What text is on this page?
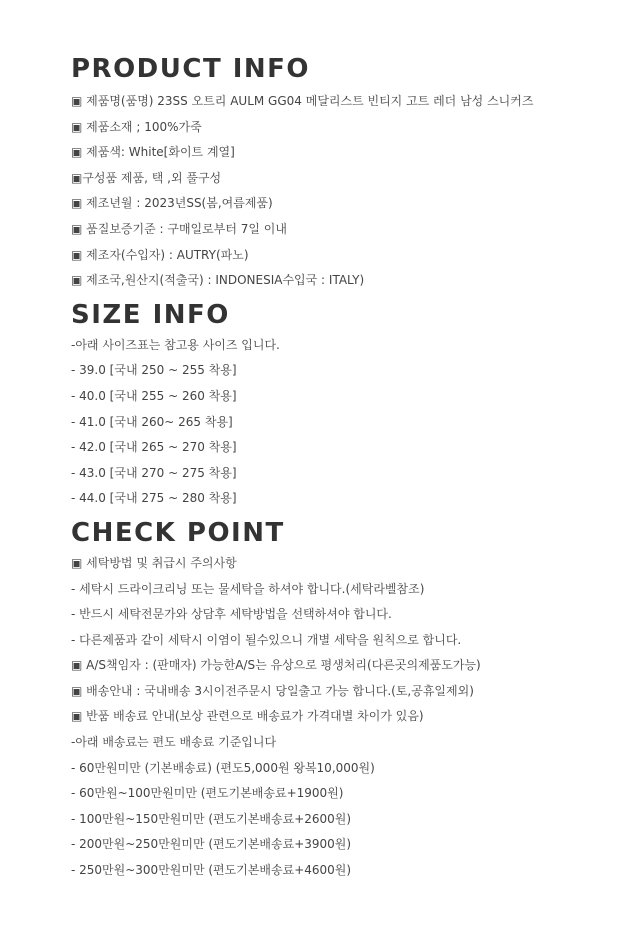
PRODUCT INFO
▣ 제품명(품명) 23SS 오트리 AULM GG04 메달리스트 빈티지 고트 레더 남성 스니커즈
▣ 제품소재 ; 100%가죽
▣ 제품색: White[화이트 계열]
▣구성품 제품, 택 ,외 풀구성
▣ 제조년월 : 2023년SS(봄,여름제품)
▣ 품질보증기준 : 구매일로부터 7일 이내
▣ 제조자(수입자) : AUTRY(파노)
▣ 제조국,원산지(적출국) : INDONESIA수입국 : ITALY)
SIZE INFO
-아래 사이즈표는 참고용 사이즈 입니다.
- 39.0 [국내 250 ~ 255 착용]
- 40.0 [국내 255 ~ 260 착용]
- 41.0 [국내 260~ 265 착용]
- 42.0 [국내 265 ~ 270 착용]
- 43.0 [국내 270 ~ 275 착용]
- 44.0 [국내 275 ~ 280 착용]
CHECK POINT
▣ 세탁방법 및 취급시 주의사항
- 세탁시 드라이크리닝 또는 물세탁을 하셔야 합니다.(세탁라벨참조)
- 반드시 세탁전문가와 상담후 세탁방법을 선택하셔야 합니다.
- 다른제품과 같이 세탁시 이염이 될수있으니 개별 세탁을 원칙으로 합니다.
▣ A/S책임자 : (판매자) 가능한A/S는 유상으로 평생처리(다른곳의제품도가능)
▣ 배송안내 : 국내배송 3시이전주문시 당일출고 가능 합니다.(토,공휴일제외)
▣ 반품 배송료 안내(보상 관련으로 배송료가 가격대별 차이가 있음)
-아래 배송료는 편도 배송료 기준입니다
- 60만원미만 (기본배송료) (편도5,000원 왕복10,000원)
- 60만원~100만원미만 (편도기본배송료+1900원)
- 100만원~150만원미만 (편도기본배송료+2600원)
- 200만원~250만원미만 (편도기본배송료+3900원)
- 250만원~300만원미만 (편도기본배송료+4600원)
